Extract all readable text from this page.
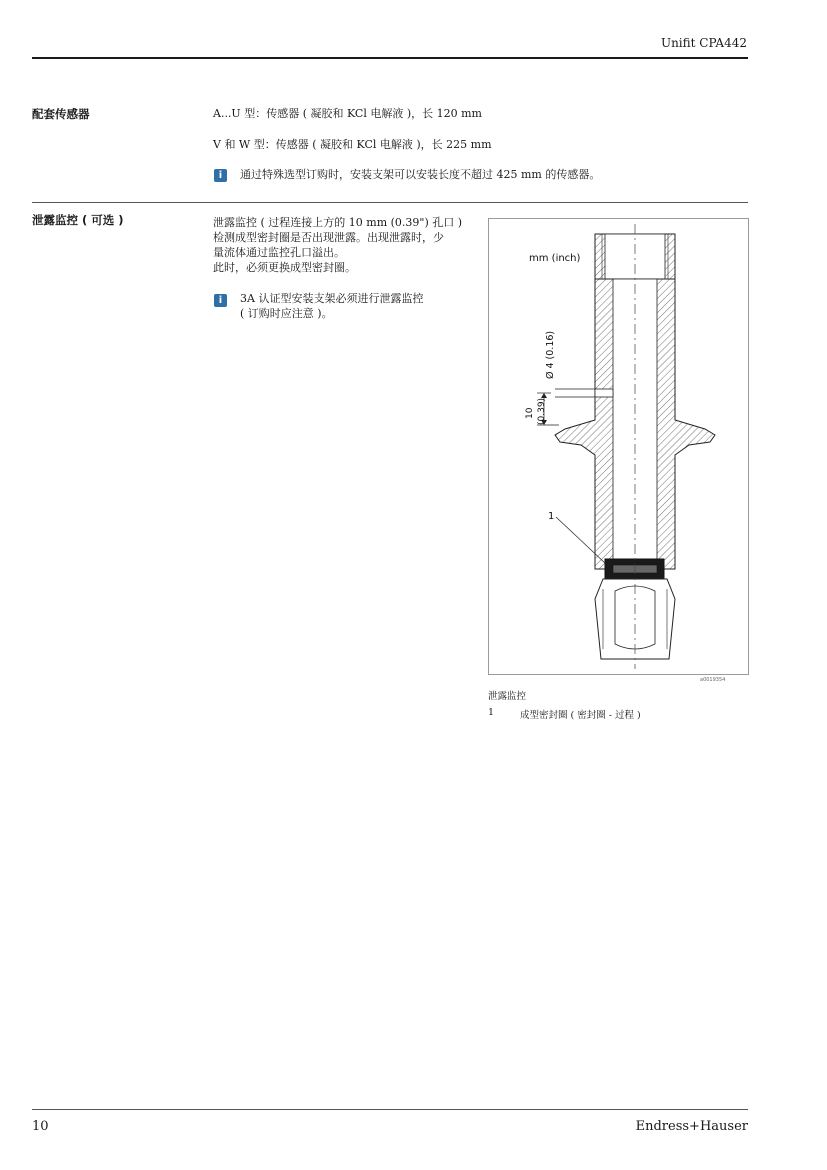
Unifit CPA442
配套传感器	A...U 型：传感器 ( 凝胶和 KCl 电解液 )，长 120 mm
V 和 W 型：传感器 ( 凝胶和 KCl 电解液 )，长 225 mm
i	通过特殊选型订购时，安装支架可以安装长度不超过 425 mm 的传感器。
泄露监控 ( 可选 )	泄露监控 ( 过程连接上方的 10 mm (0.39") 孔口 )
检测成型密封圈是否出现泄露。出现泄露时，少
量流体通过监控孔口溢出。
此时，必须更换成型密封圈。
i	3A 认证型安装支架必须进行泄露监控
( 订购时应注意 )。
mm (inch)
Ø 4 (0.16)
10 (0.39)
1
a0019354
泄露监控
1	成型密封圈 ( 密封圈 - 过程 )
10	Endress+Hauser
